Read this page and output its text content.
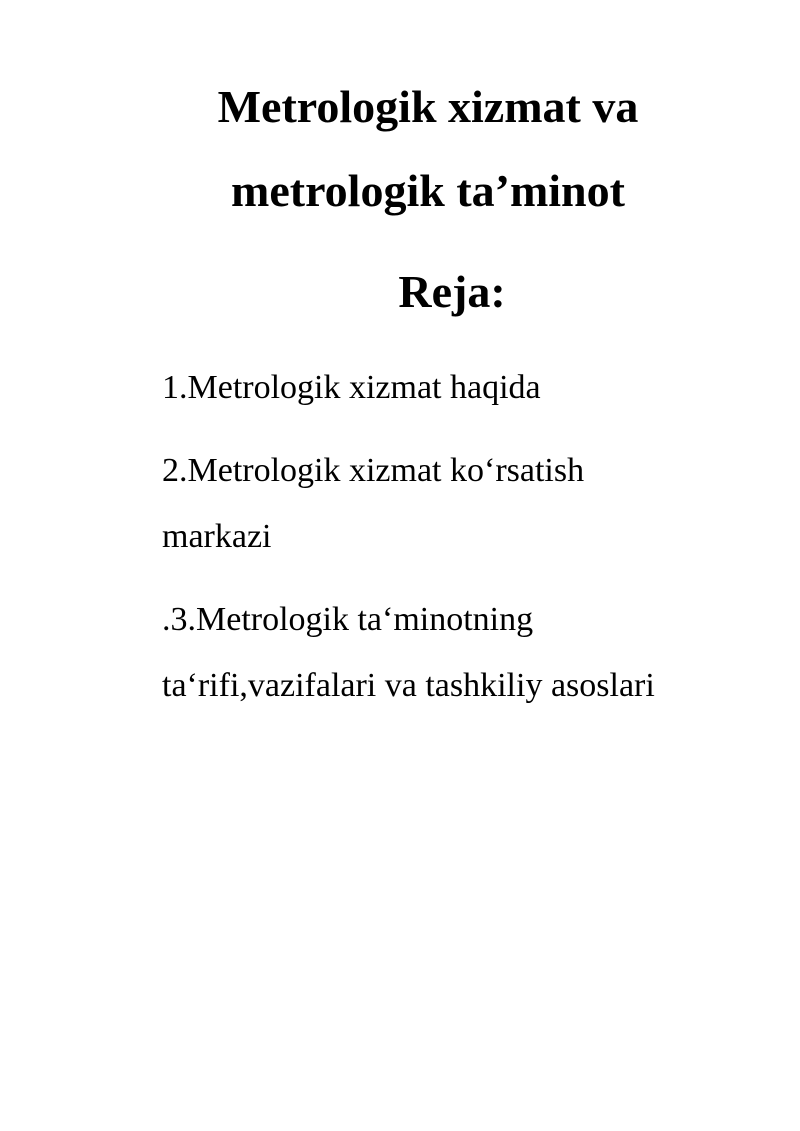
Metrologik xizmat va
metrologik ta’minot
Reja:
1.Metrologik xizmat haqida
2.Metrologik xizmat ko‘rsatish
markazi
.3.Metrologik ta‘minotning
ta‘rifi,vazifalari va tashkiliy asoslari
